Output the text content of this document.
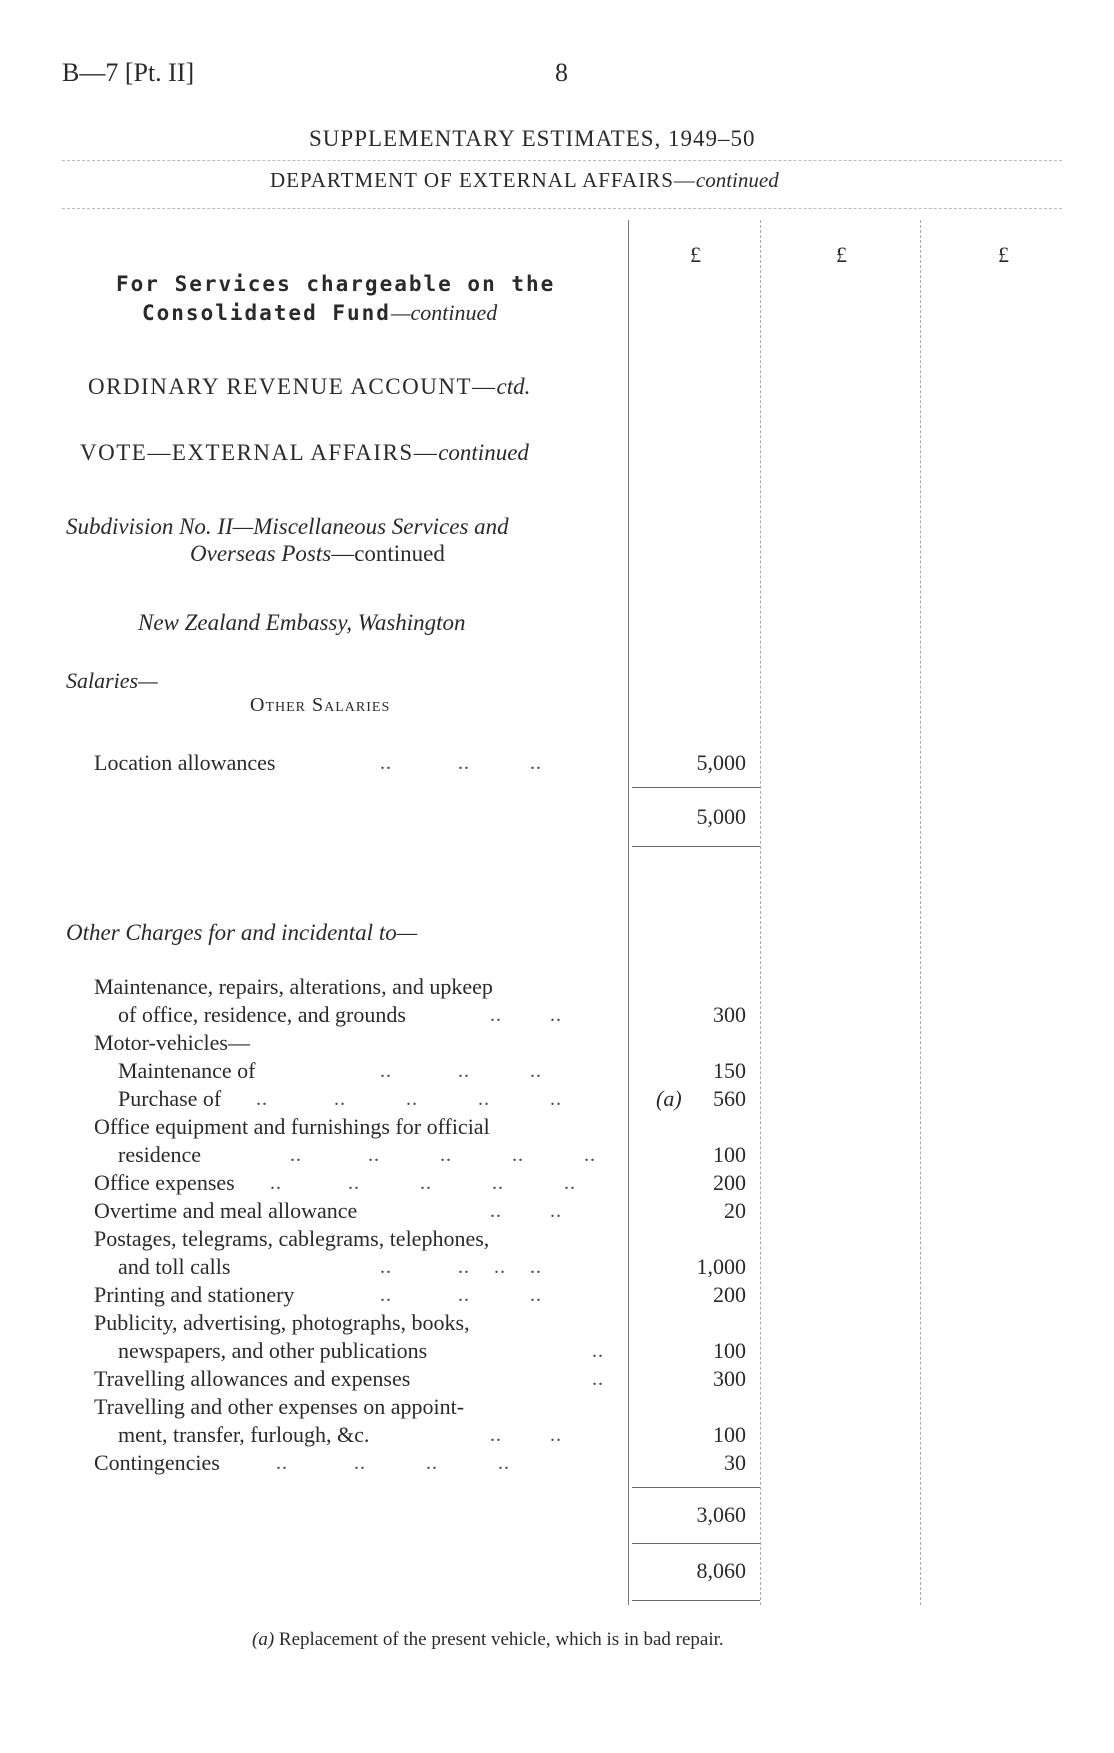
B—7 [Pt. II]	8
SUPPLEMENTARY ESTIMATES, 1949–50
DEPARTMENT OF EXTERNAL AFFAIRS—continued
£	£	£
For Services chargeable on the
Consolidated Fund—continued
ORDINARY REVENUE ACCOUNT—ctd.
VOTE—EXTERNAL AFFAIRS—continued
Subdivision No. II—Miscellaneous Services and
Overseas Posts—continued
New Zealand Embassy, Washington
Salaries—
Other Salaries
Location allowances	..           ..          ..	5,000
5,000
Other Charges for and incidental to—
Maintenance, repairs, alterations, and upkeep
of office, residence, and grounds	..        ..	300
Motor-vehicles—
Maintenance of	..           ..          ..	150
Purchase of ..           ..          ..          ..          ..	(a)	560
Office equipment and furnishings for official
residence	..           ..          ..          ..          ..	100
Office expenses ..           ..          ..          ..          ..	200
Overtime and meal allowance	..        ..	20
Postages, telegrams, cablegrams, telephones,
and toll calls	..           ..    ..    ..	1,000
Printing and stationery	..           ..          ..	200
Publicity, advertising, photographs, books,
newspapers, and other publications	..	100
Travelling allowances and expenses	..	300
Travelling and other expenses on appoint-
ment, transfer, furlough, &c.	..        ..	100
Contingencies	..           ..          ..          ..	30
3,060
8,060
(a) Replacement of the present vehicle, which is in bad repair.
